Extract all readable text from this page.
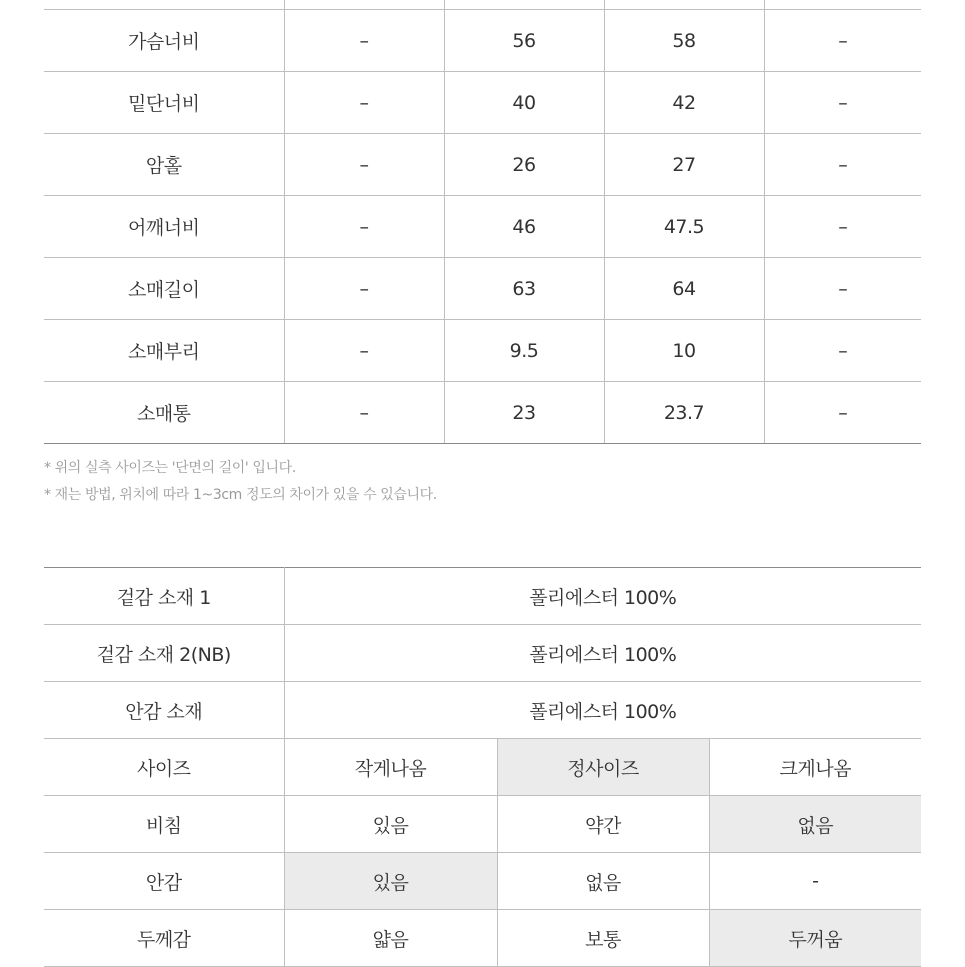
가슴너비	–	56	58	–
밑단너비	–	40	42	–
암홀	–	26	27	–
어깨너비	–	46	47.5	–
소매길이	–	63	64	–
소매부리	–	9.5	10	–
소매통	–	23	23.7	–
* 위의 실측 사이즈는 '단면의 길이' 입니다.
* 재는 방법, 위치에 따라 1~3cm 정도의 차이가 있을 수 있습니다.
겉감 소재 1	폴리에스터 100%		
겉감 소재 2(NB)	폴리에스터 100%		
안감 소재	폴리에스터 100%		
사이즈	작게나옴	정사이즈	크게나옴
비침	있음	약간	없음
안감	있음	없음	-
두께감	얇음	보통	두꺼움
